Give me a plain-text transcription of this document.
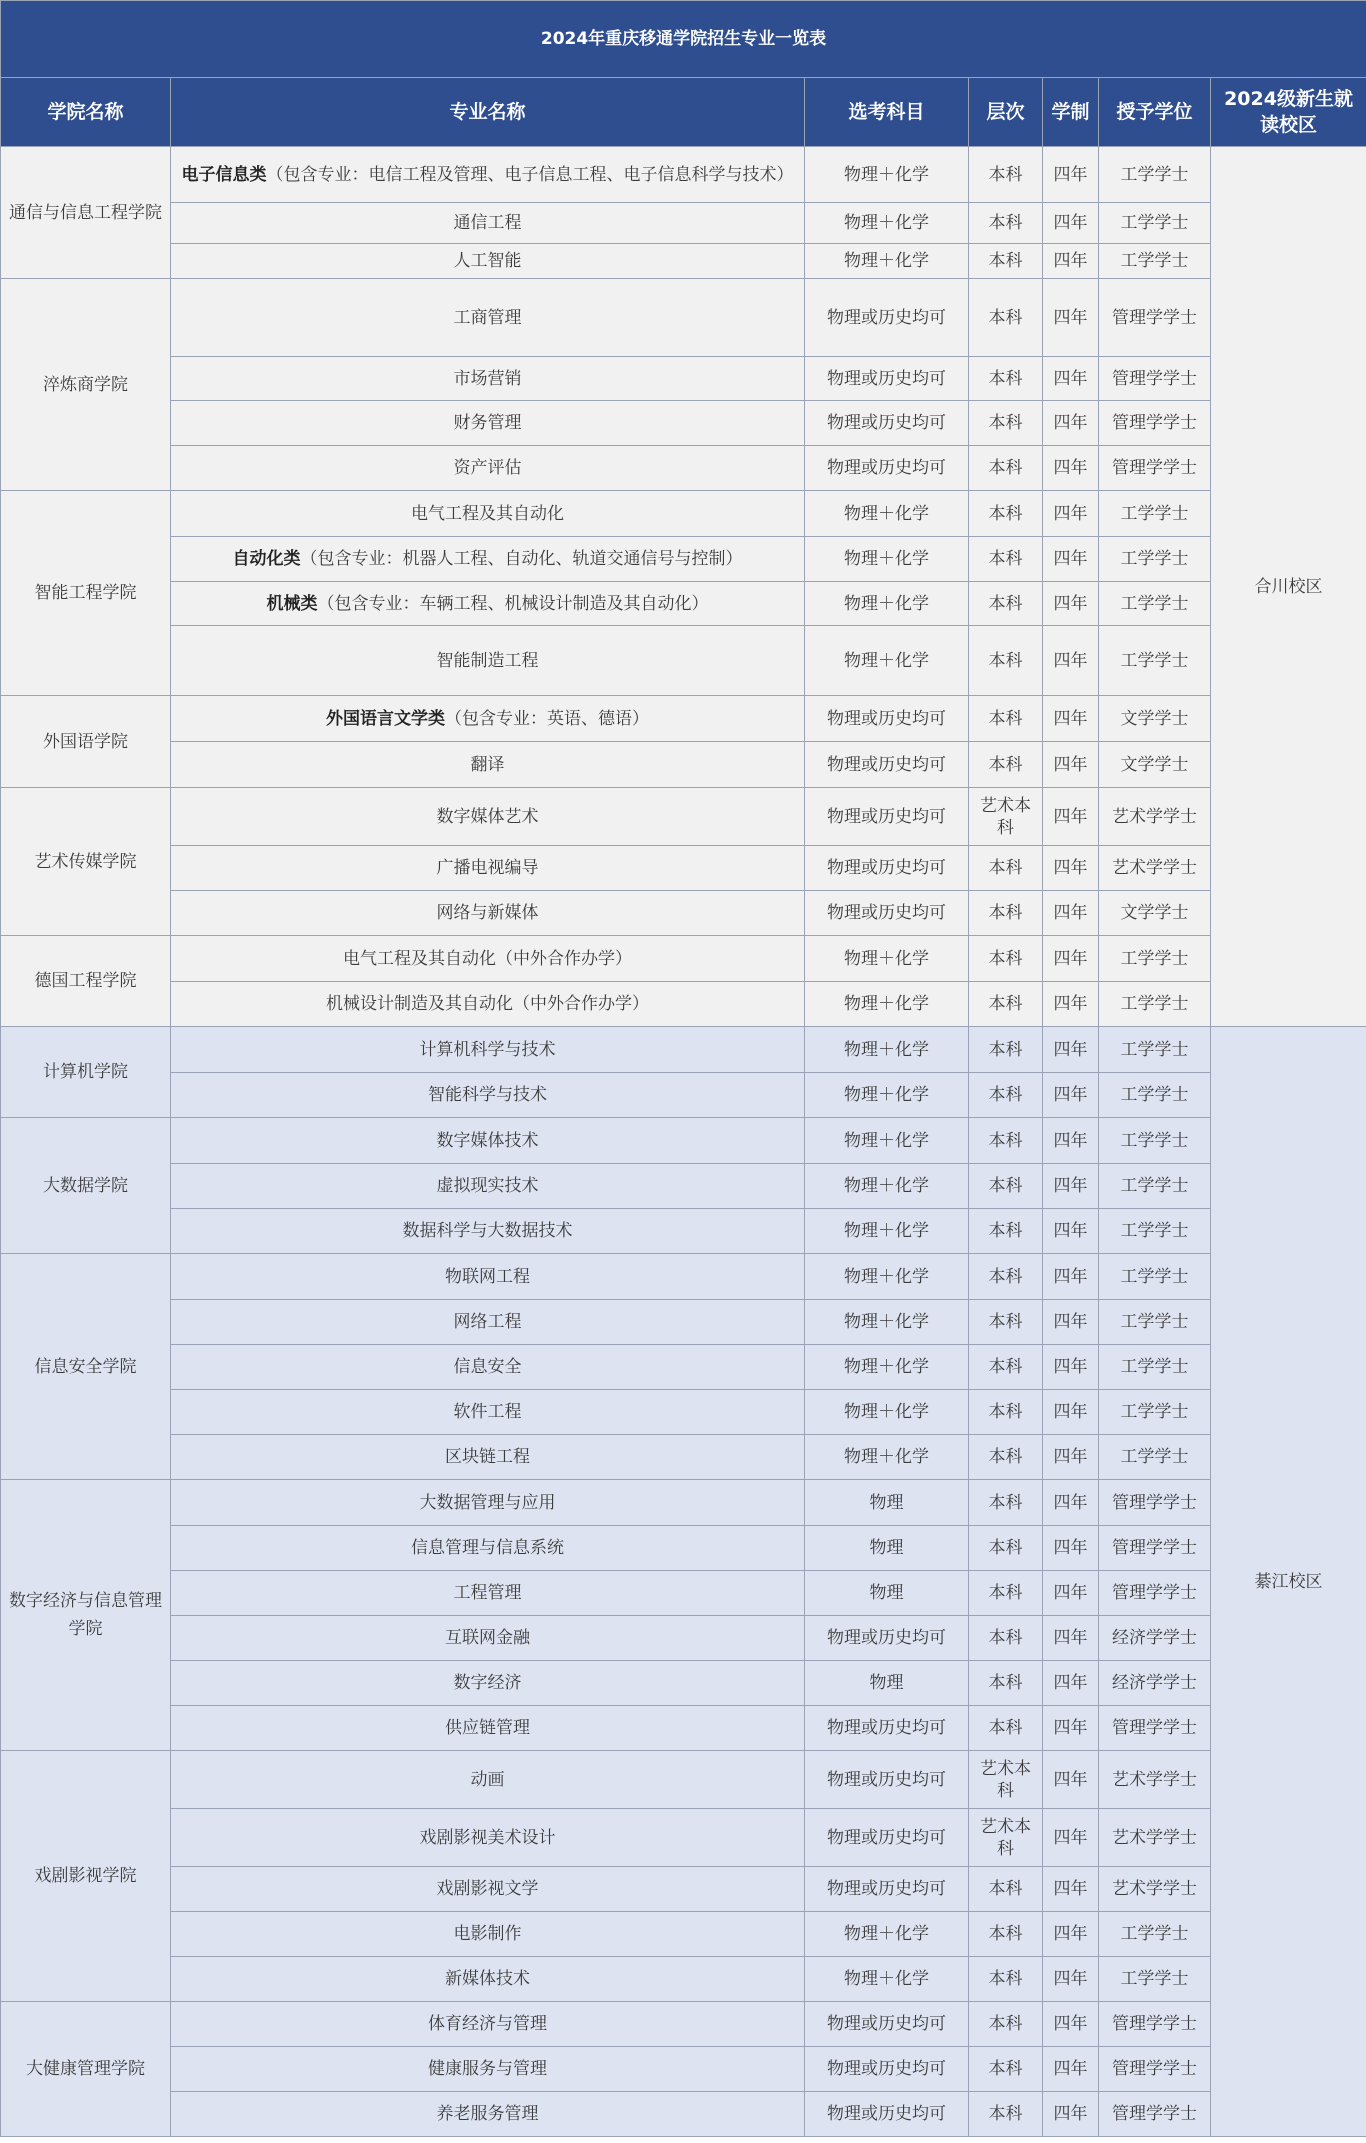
2024年重庆移通学院招生专业一览表						
学院名称	专业名称	选考科目	层次	学制	授予学位	2024级新生就读校区
通信与信息工程学院	电子信息类（包含专业：电信工程及管理、电子信息工程、电子信息科学与技术）	物理＋化学	本科	四年	工学学士	合川校区
	通信工程	物理＋化学	本科	四年	工学学士	
	人工智能	物理＋化学	本科	四年	工学学士	
淬炼商学院	工商管理	物理或历史均可	本科	四年	管理学学士	
	市场营销	物理或历史均可	本科	四年	管理学学士	
	财务管理	物理或历史均可	本科	四年	管理学学士	
	资产评估	物理或历史均可	本科	四年	管理学学士	
智能工程学院	电气工程及其自动化	物理＋化学	本科	四年	工学学士	
	自动化类（包含专业：机器人工程、自动化、轨道交通信号与控制）	物理＋化学	本科	四年	工学学士	
	机械类（包含专业：车辆工程、机械设计制造及其自动化）	物理＋化学	本科	四年	工学学士	
	智能制造工程	物理＋化学	本科	四年	工学学士	
外国语学院	外国语言文学类（包含专业：英语、德语）	物理或历史均可	本科	四年	文学学士	
	翻译	物理或历史均可	本科	四年	文学学士	
艺术传媒学院	数字媒体艺术	物理或历史均可	艺术本科	四年	艺术学学士	
	广播电视编导	物理或历史均可	本科	四年	艺术学学士	
	网络与新媒体	物理或历史均可	本科	四年	文学学士	
德国工程学院	电气工程及其自动化（中外合作办学）	物理＋化学	本科	四年	工学学士	
	机械设计制造及其自动化（中外合作办学）	物理＋化学	本科	四年	工学学士	
计算机学院	计算机科学与技术	物理＋化学	本科	四年	工学学士	綦江校区
	智能科学与技术	物理＋化学	本科	四年	工学学士	
大数据学院	数字媒体技术	物理＋化学	本科	四年	工学学士	
	虚拟现实技术	物理＋化学	本科	四年	工学学士	
	数据科学与大数据技术	物理＋化学	本科	四年	工学学士	
信息安全学院	物联网工程	物理＋化学	本科	四年	工学学士	
	网络工程	物理＋化学	本科	四年	工学学士	
	信息安全	物理＋化学	本科	四年	工学学士	
	软件工程	物理＋化学	本科	四年	工学学士	
	区块链工程	物理＋化学	本科	四年	工学学士	
数字经济与信息管理学院	大数据管理与应用	物理	本科	四年	管理学学士	
	信息管理与信息系统	物理	本科	四年	管理学学士	
	工程管理	物理	本科	四年	管理学学士	
	互联网金融	物理或历史均可	本科	四年	经济学学士	
	数字经济	物理	本科	四年	经济学学士	
	供应链管理	物理或历史均可	本科	四年	管理学学士	
戏剧影视学院	动画	物理或历史均可	艺术本科	四年	艺术学学士	
	戏剧影视美术设计	物理或历史均可	艺术本科	四年	艺术学学士	
	戏剧影视文学	物理或历史均可	本科	四年	艺术学学士	
	电影制作	物理＋化学	本科	四年	工学学士	
	新媒体技术	物理＋化学	本科	四年	工学学士	
大健康管理学院	体育经济与管理	物理或历史均可	本科	四年	管理学学士	
	健康服务与管理	物理或历史均可	本科	四年	管理学学士	
	养老服务管理	物理或历史均可	本科	四年	管理学学士	
